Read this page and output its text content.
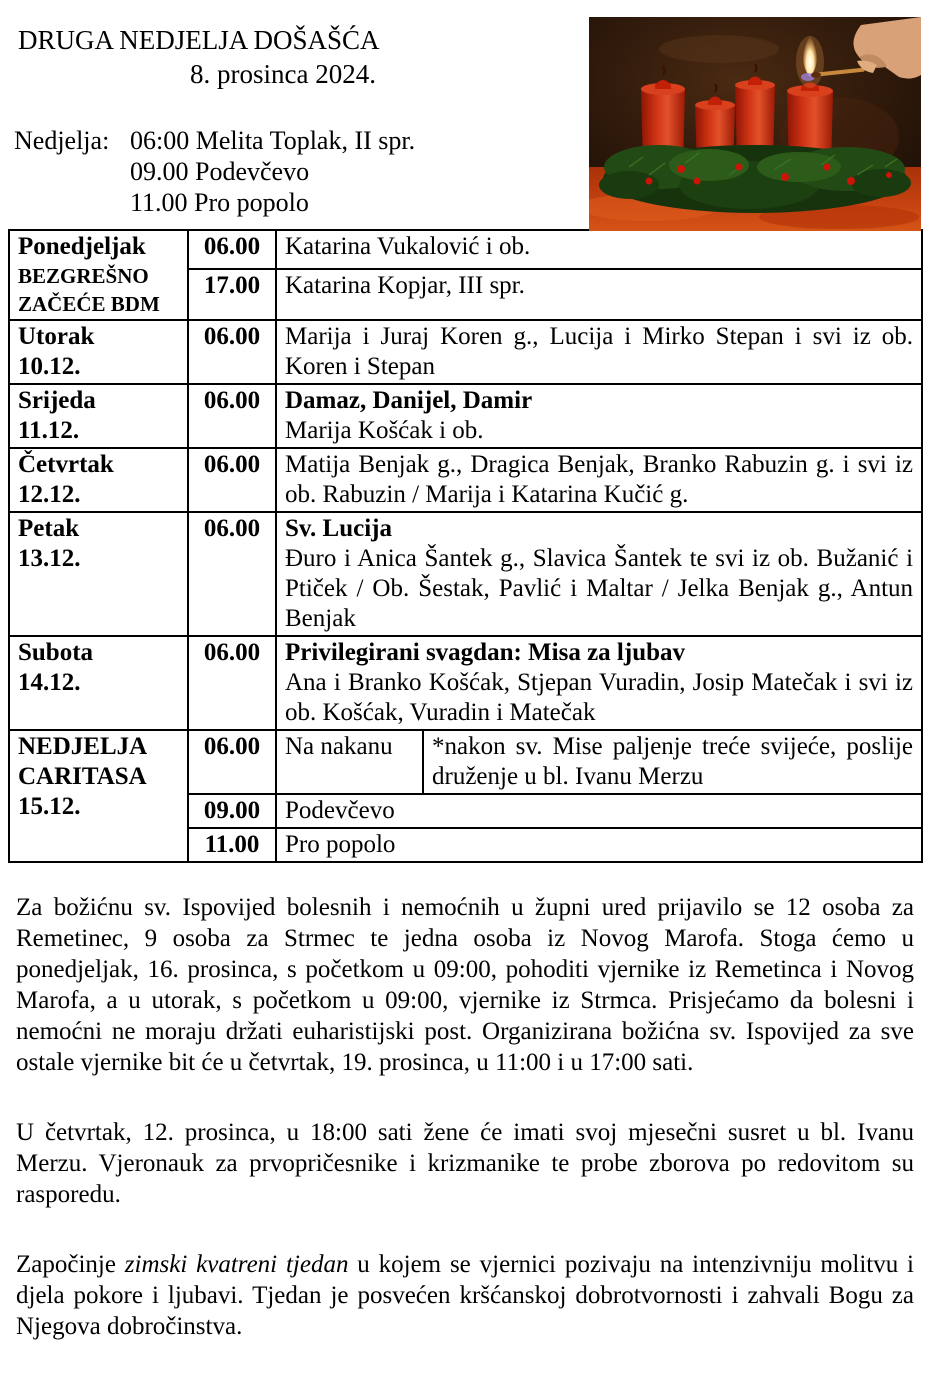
DRUGA NEDJELJA DOŠAŠĆA
8. prosinca 2024.
Nedjelja: 06:00 Melita Toplak, II spr.
09.00 Podevčevo
11.00 Pro popolo
Ponedjeljak
BEZGREŠNO
ZAČEĆE BDM	06.00	Katarina Vukalović i ob.	
	17.00	Katarina Kopjar, III spr.	

Utorak
10.12.	06.00	Marija i Juraj Koren g., Lucija i Mirko Stepan i svi iz ob. Koren i Stepan	

Srijeda
11.12.
	06.00	Damaz, Danijel, Damir
Marija Košćak i ob.

Četvrtak
12.12.	06.00	Matija Benjak g., Dragica Benjak, Branko Rabuzin g. i svi iz ob. Rabuzin / Marija i Katarina Kučić g.	

Petak
13.12.
	06.00	Sv. Lucija
Đuro i Anica Šantek g., Slavica Šantek te svi iz ob. Bužanić i Ptiček / Ob. Šestak, Pavlić i Maltar / Jelka Benjak g., Antun Benjak

Subota
14.12.
	06.00	Privilegirani svagdan: Misa za ljubav
Ana i Branko Košćak, Stjepan Vuradin, Josip Matečak i svi iz ob. Košćak, Vuradin i Matečak

NEDJELJA
CARITASA
15.12.	06.00	Na nakanu	*nakon sv. Mise paljenje treće svijeće, poslije druženje u bl. Ivanu Merzu

	09.00	Podevčevo	
	11.00	Pro popolo	

Za božićnu sv. Ispovijed bolesnih i nemoćnih u župni ured prijavilo se 12 osoba za Remetinec, 9 osoba za Strmec te jedna osoba iz Novog Marofa. Stoga ćemo u ponedjeljak, 16. prosinca, s početkom u 09:00, pohoditi vjernike iz Remetinca i Novog Marofa, a u utorak, s početkom u 09:00, vjernike iz Strmca. Prisjećamo da bolesni i nemoćni ne moraju držati euharistijski post. Organizirana božićna sv. Ispovijed za sve ostale vjernike bit će u četvrtak, 19. prosinca, u 11:00 i u 17:00 sati.

U četvrtak, 12. prosinca, u 18:00 sati žene će imati svoj mjesečni susret u bl. Ivanu Merzu. Vjeronauk za prvopričesnike i krizmanike te probe zborova po redovitom su rasporedu.

Započinje zimski kvatreni tjedan u kojem se vjernici pozivaju na intenzivniju molitvu i djela pokore i ljubavi. Tjedan je posvećen kršćanskoj dobrotvornosti i zahvali Bogu za Njegova dobročinstva.
